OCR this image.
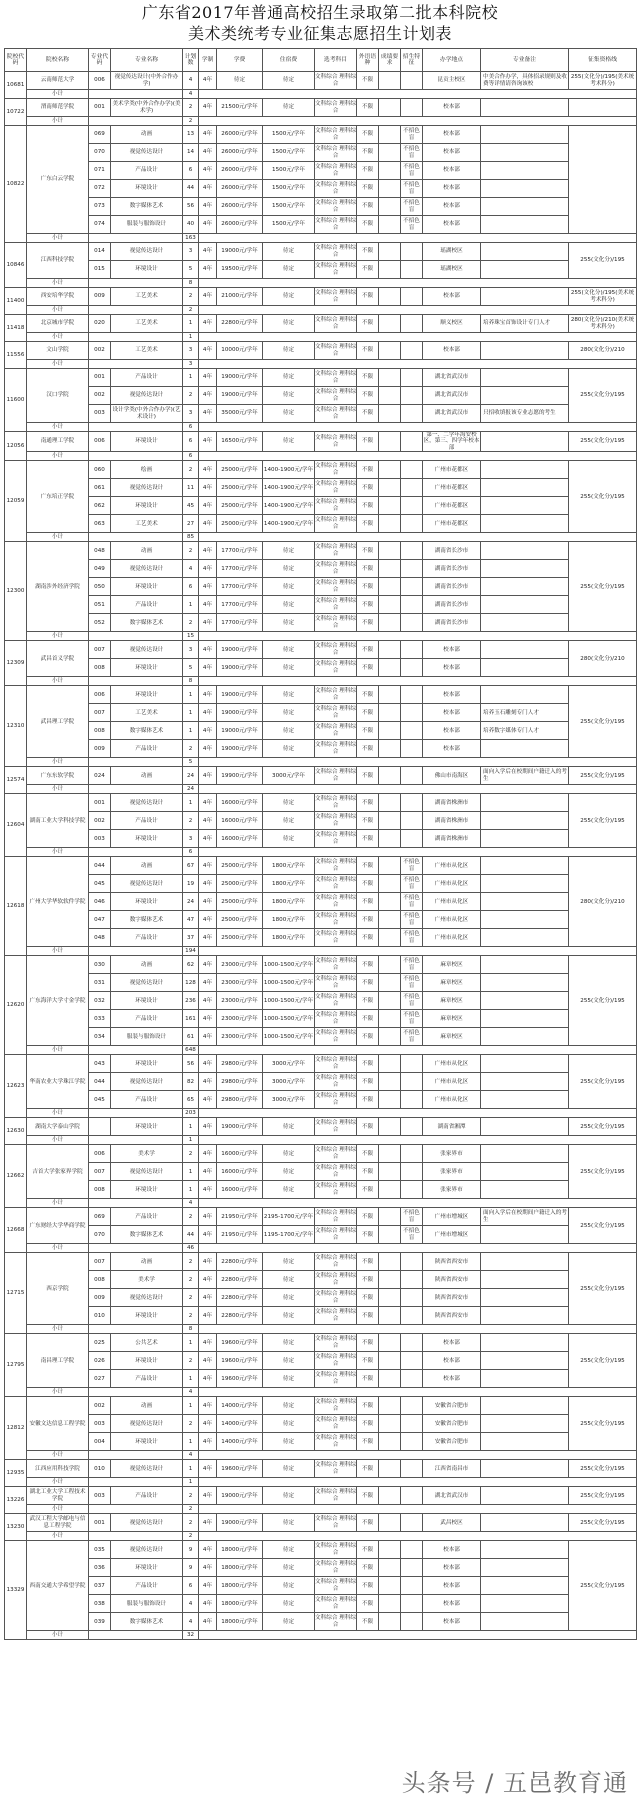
广东省2017年普通高校招生录取第二批本科院校
美术类统考专业征集志愿招生计划表
院校代码	院校名称	专业代码	专业名称	计划数	学制	学费	住宿费	选考科目	外语语种	成绩要求	招生特征	办学地点	专业备注	征集资格线
10681	云南师范大学	006	视觉传达设计(中外合作办学)	4	4年	待定	待定	文科综合 理科综合	不限			昆贡主校区	中美合作办学，具体招录规则及收费等详情请咨询该校	255(文化分)/195(美术统考术科分)
	小计			4										
10722	渭南师范学院	001	美术学类(中外合作办学)(美术学)	2	4年	21500元/学年	待定	文科综合 理科综合	不限			校本部		
	小计			2										
10822	广东白云学院	069	动画	13	4年	26000元/学年	1500元/学年	文科综合 理科综合	不限		不招色盲	校本部		
		070	视觉传达设计	14	4年	26000元/学年	1500元/学年	文科综合 理科综合	不限		不招色盲	校本部		
		071	产品设计	6	4年	26000元/学年	1500元/学年	文科综合 理科综合	不限		不招色盲	校本部		
		072	环境设计	44	4年	26000元/学年	1500元/学年	文科综合 理科综合	不限		不招色盲	校本部		
		073	数字媒体艺术	56	4年	26000元/学年	1500元/学年	文科综合 理科综合	不限		不招色盲	校本部		
		074	服装与服饰设计	40	4年	26000元/学年	1500元/学年	文科综合 理科综合	不限		不招色盲	校本部		
	小计			163										
10846	江西科技学院	014	视觉传达设计	3	4年	19000元/学年	待定	文科综合 理科综合	不限			瑶湖校区		255(文化分)/195
		015	环境设计	5	4年	19500元/学年	待定	文科综合 理科综合	不限			瑶湖校区		
	小计			8										
11400	西安培华学院	009	工艺美术	2	4年	21000元/学年	待定	文科综合 理科综合	不限			校本部		255(文化分)/195(美术统考术科分)
	小计			2										
11418	北京城市学院	020	工艺美术	1	4年	22800元/学年	待定	文科综合 理科综合	不限			顺义校区	培养珠宝首饰设计专门人才	280(文化分)/210(美术统考术科分)
	小计			1										
11556	文山学院	002	工艺美术	3	4年	10000元/学年	待定	文科综合 理科综合	不限			校本部		280(文化分)/210
	小计			3										
11600	汉口学院	001	产品设计	1	4年	19000元/学年	待定	文科综合 理科综合	不限			湖北省武汉市		255(文化分)/195
		002	视觉传达设计	2	4年	19000元/学年	待定	文科综合 理科综合	不限			湖北省武汉市		
		003	设计学类(中外合作办学)(艺术设计)	3	4年	35000元/学年	待定	文科综合 理科综合	不限			湖北省武汉市	只招收填报该专业志愿的考生	
	小计			6										
12056	南通理工学院	006	环境设计	6	4年	16500元/学年	待定	文科综合 理科综合	不限			第一、二学年海安校区，第三、四学年校本部		255(文化分)/195
	小计			6										
12059	广东培正学院	060	绘画	2	4年	25000元/学年	1400-1900元/学年	文科综合 理科综合	不限			广州市花都区		255(文化分)/195
		061	视觉传达设计	11	4年	25000元/学年	1400-1900元/学年	文科综合 理科综合	不限			广州市花都区		
		062	环境设计	45	4年	25000元/学年	1400-1900元/学年	文科综合 理科综合	不限			广州市花都区		
		063	工艺美术	27	4年	25000元/学年	1400-1900元/学年	文科综合 理科综合	不限			广州市花都区		
	小计			85										
12300	湖南涉外经济学院	048	动画	2	4年	17700元/学年	待定	文科综合 理科综合	不限			湖南省长沙市		255(文化分)/195
		049	视觉传达设计	4	4年	17700元/学年	待定	文科综合 理科综合	不限			湖南省长沙市		
		050	环境设计	6	4年	17700元/学年	待定	文科综合 理科综合	不限			湖南省长沙市		
		051	产品设计	1	4年	17700元/学年	待定	文科综合 理科综合	不限			湖南省长沙市		
		052	数字媒体艺术	2	4年	17700元/学年	待定	文科综合 理科综合	不限			湖南省长沙市		
	小计			15										
12309	武昌首义学院	007	视觉传达设计	3	4年	19000元/学年	待定	文科综合 理科综合	不限			校本部		280(文化分)/210
		008	环境设计	5	4年	19000元/学年	待定	文科综合 理科综合	不限			校本部		
	小计			8										
12310	武昌理工学院	006	环境设计	1	4年	19000元/学年	待定	文科综合 理科综合	不限			校本部		255(文化分)/195
		007	工艺美术	1	4年	19000元/学年	待定	文科综合 理科综合	不限			校本部	培养玉石雕刻专门人才	
		008	数字媒体艺术	1	4年	19000元/学年	待定	文科综合 理科综合	不限			校本部	培养数字媒体专门人才	
		009	产品设计	2	4年	19000元/学年	待定	文科综合 理科综合	不限			校本部		
	小计			5										
12574	广东东软学院	024	动画	24	4年	19900元/学年	3000元/学年	文科综合 理科综合	不限			佛山市南海区	面向入学后在校期间户籍迁入的考生	255(文化分)/195
	小计			24										
12604	湖南工业大学科技学院	001	视觉传达设计	1	4年	16000元/学年	待定	文科综合 理科综合	不限			湖南省株洲市		255(文化分)/195
		002	产品设计	2	4年	16000元/学年	待定	文科综合 理科综合	不限			湖南省株洲市		
		003	环境设计	3	4年	16000元/学年	待定	文科综合 理科综合	不限			湖南省株洲市		
	小计			6										
12618	广州大学华软软件学院	044	动画	67	4年	25000元/学年	1800元/学年	文科综合 理科综合	不限		不招色盲	广州市从化区		280(文化分)/210
		045	视觉传达设计	19	4年	25000元/学年	1800元/学年	文科综合 理科综合	不限		不招色盲	广州市从化区		
		046	环境设计	24	4年	25000元/学年	1800元/学年	文科综合 理科综合	不限		不招色盲	广州市从化区		
		047	数字媒体艺术	47	4年	25000元/学年	1800元/学年	文科综合 理科综合	不限		不招色盲	广州市从化区		
		048	产品设计	37	4年	25000元/学年	1800元/学年	文科综合 理科综合	不限		不招色盲	广州市从化区		
	小计			194										
12620	广东海洋大学寸金学院	030	动画	62	4年	23000元/学年	1000-1500元/学年	文科综合 理科综合	不限		不招色盲	麻章校区		255(文化分)/195
		031	视觉传达设计	128	4年	23000元/学年	1000-1500元/学年	文科综合 理科综合	不限		不招色盲	麻章校区		
		032	环境设计	236	4年	23000元/学年	1000-1500元/学年	文科综合 理科综合	不限		不招色盲	麻章校区		
		033	产品设计	161	4年	23000元/学年	1000-1500元/学年	文科综合 理科综合	不限		不招色盲	麻章校区		
		034	服装与服饰设计	61	4年	23000元/学年	1000-1500元/学年	文科综合 理科综合	不限		不招色盲	麻章校区		
	小计			648										
12623	华南农业大学珠江学院	043	环境设计	56	4年	29800元/学年	3000元/学年	文科综合 理科综合	不限			广州市从化区		255(文化分)/195
		044	视觉传达设计	82	4年	29800元/学年	3000元/学年	文科综合 理科综合	不限			广州市从化区		
		045	产品设计	65	4年	29800元/学年	3000元/学年	文科综合 理科综合	不限			广州市从化区		
	小计			203										
12630	湖南大学泰山学院		环境设计	1	4年	19000元/学年	待定	文科综合 理科综合	不限			湖南省湘潭		255(文化分)/195
	小计			1										
12662	吉首大学张家界学院	006	美术学	2	4年	16000元/学年	待定	文科综合 理科综合	不限			张家界市		255(文化分)/195
		007	视觉传达设计	1	4年	16000元/学年	待定	文科综合 理科综合	不限			张家界市		
		008	环境设计	1	4年	16000元/学年	待定	文科综合 理科综合	不限			张家界市		
	小计			4										
12668	广东财经大学华商学院	069	产品设计	2	4年	21950元/学年	2195-1700元/学年	文科综合 理科综合	不限		不招色盲	广州市增城区	面向入学后在校期间户籍迁入的考生	255(文化分)/195
		070	数字媒体艺术	44	4年	21950元/学年	1195-1700元/学年	文科综合 理科综合	不限		不招色盲	广州市增城区		
	小计			46										
12715	西京学院	007	动画	2	4年	22800元/学年	待定	文科综合 理科综合	不限			陕西省西安市		255(文化分)/195
		008	美术学	2	4年	22800元/学年	待定	文科综合 理科综合	不限			陕西省西安市		
		009	视觉传达设计	2	4年	22800元/学年	待定	文科综合 理科综合	不限			陕西省西安市		
		010	环境设计	2	4年	22800元/学年	待定	文科综合 理科综合	不限			陕西省西安市		
	小计			8										
12795	南昌理工学院	025	公共艺术	1	4年	19600元/学年	待定	文科综合 理科综合	不限			校本部		255(文化分)/195
		026	环境设计	2	4年	19600元/学年	待定	文科综合 理科综合	不限			校本部		
		027	产品设计	1	4年	19600元/学年	待定	文科综合 理科综合	不限			校本部		
	小计			4										
12812	安徽文达信息工程学院	002	动画	1	4年	14000元/学年	待定	文科综合 理科综合	不限			安徽省合肥市		255(文化分)/195
		003	视觉传达设计	2	4年	14000元/学年	待定	文科综合 理科综合	不限			安徽省合肥市		
		004	环境设计	1	4年	14000元/学年	待定	文科综合 理科综合	不限			安徽省合肥市		
	小计			4										
12935	江西应用科技学院	010	视觉传达设计	1	4年	19600元/学年	待定	文科综合 理科综合	不限			江西省南昌市		255(文化分)/195
	小计			1										
13226	湖北工业大学工程技术学院	003	产品设计	2	4年	19000元/学年	待定	文科综合 理科综合	不限			湖北省武汉市		255(文化分)/195
	小计			2										
13230	武汉工程大学邮电与信息工程学院	001	视觉传达设计	2	4年	19000元/学年	待定	文科综合 理科综合	不限			武昌校区		255(文化分)/195
	小计			2										
13329	西南交通大学希望学院	035	视觉传达设计	9	4年	18000元/学年	待定	文科综合 理科综合	不限			校本部		255(文化分)/195
		036	环境设计	9	4年	18000元/学年	待定	文科综合 理科综合	不限			校本部		
		037	产品设计	6	4年	18000元/学年	待定	文科综合 理科综合	不限			校本部		
		038	服装与服饰设计	4	4年	18000元/学年	待定	文科综合 理科综合	不限			校本部		
		039	数字媒体艺术	4	4年	18000元/学年	待定	文科综合 理科综合	不限			校本部		
	小计			32										
头条号 / 五邑教育通
